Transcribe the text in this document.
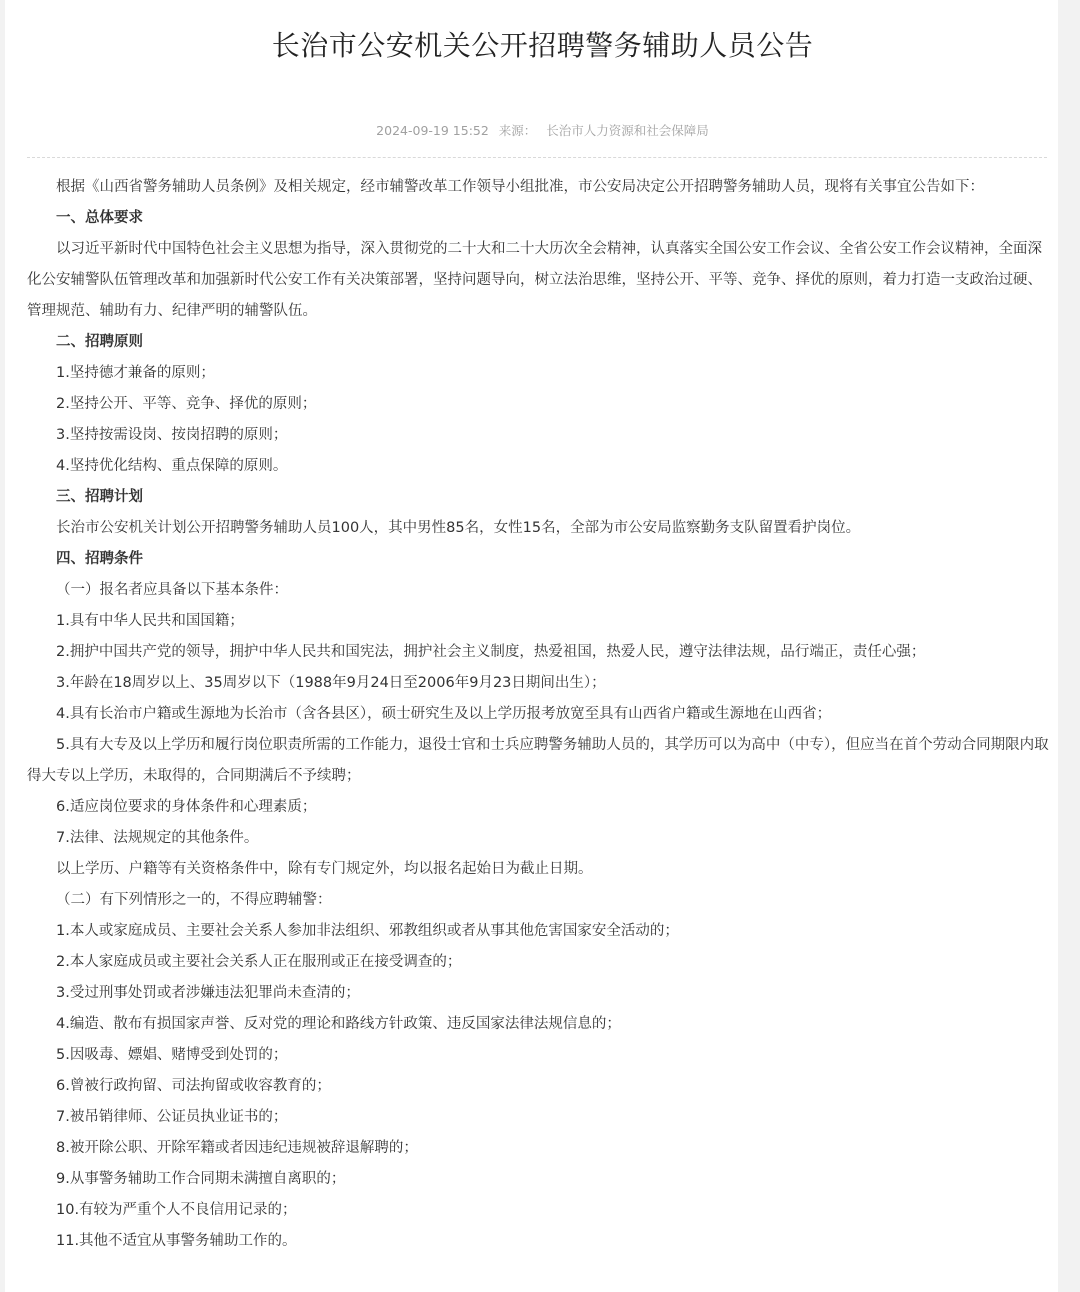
长治市公安机关公开招聘警务辅助人员公告
2024-09-19 15:52 来源： 长治市人力资源和社会保障局

根据《山西省警务辅助人员条例》及相关规定，经市辅警改革工作领导小组批准，市公安局决定公开招聘警务辅助人员，现将有关事宜公告如下：

一、总体要求

以习近平新时代中国特色社会主义思想为指导，深入贯彻党的二十大和二十大历次全会精神，认真落实全国公安工作会议、全省公安工作会议精神，全面深化公安辅警队伍管理改革和加强新时代公安工作有关决策部署，坚持问题导向，树立法治思维，坚持公开、平等、竞争、择优的原则，着力打造一支政治过硬、管理规范、辅助有力、纪律严明的辅警队伍。

二、招聘原则

1.坚持德才兼备的原则；

2.坚持公开、平等、竞争、择优的原则；

3.坚持按需设岗、按岗招聘的原则；

4.坚持优化结构、重点保障的原则。

三、招聘计划

长治市公安机关计划公开招聘警务辅助人员100人，其中男性85名，女性15名，全部为市公安局监察勤务支队留置看护岗位。

四、招聘条件

（一）报名者应具备以下基本条件：

1.具有中华人民共和国国籍；

2.拥护中国共产党的领导，拥护中华人民共和国宪法，拥护社会主义制度，热爱祖国，热爱人民，遵守法律法规，品行端正，责任心强；

3.年龄在18周岁以上、35周岁以下（1988年9月24日至2006年9月23日期间出生）；

4.具有长治市户籍或生源地为长治市（含各县区），硕士研究生及以上学历报考放宽至具有山西省户籍或生源地在山西省；

5.具有大专及以上学历和履行岗位职责所需的工作能力，退役士官和士兵应聘警务辅助人员的，其学历可以为高中（中专），但应当在首个劳动合同期限内取得大专以上学历，未取得的，合同期满后不予续聘；

6.适应岗位要求的身体条件和心理素质；

7.法律、法规规定的其他条件。

以上学历、户籍等有关资格条件中，除有专门规定外，均以报名起始日为截止日期。

（二）有下列情形之一的，不得应聘辅警：

1.本人或家庭成员、主要社会关系人参加非法组织、邪教组织或者从事其他危害国家安全活动的；

2.本人家庭成员或主要社会关系人正在服刑或正在接受调查的；

3.受过刑事处罚或者涉嫌违法犯罪尚未查清的；

4.编造、散布有损国家声誉、反对党的理论和路线方针政策、违反国家法律法规信息的；

5.因吸毒、嫖娼、赌博受到处罚的；

6.曾被行政拘留、司法拘留或收容教育的；

7.被吊销律师、公证员执业证书的；

8.被开除公职、开除军籍或者因违纪违规被辞退解聘的；

9.从事警务辅助工作合同期未满擅自离职的；

10.有较为严重个人不良信用记录的；

11.其他不适宜从事警务辅助工作的。
